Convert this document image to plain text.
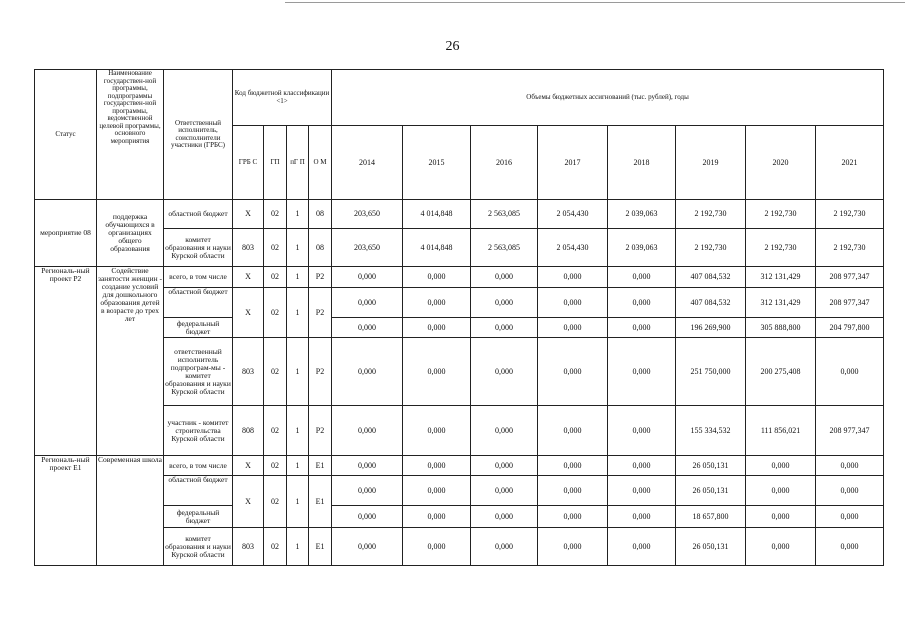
26
Статус	Наименование государствен-ной программы, подпрограммы государствен-ной программы, ведомственной целевой программы, основного мероприятия	Ответственный исполнитель, соисполнители участники (ГРБС)	Код бюджетной классификации <1>				Объемы бюджетных ассигнований (тыс. рублей), годы							
			ГРБ С	ГП	пГ П	О М	2014	2015	2016	2017	2018	2019	2020	2021
мероприятие 08	поддержка обучающихся в организациях общего образования	областной бюджет	Х	02	1	08	203,650	4 014,848	2 563,085	2 054,430	2 039,063	2 192,730	2 192,730	2 192,730
		комитет образования и науки Курской области	803	02	1	08	203,650	4 014,848	2 563,085	2 054,430	2 039,063	2 192,730	2 192,730	2 192,730
Региональ-ный проект Р2	Содействие занятости женщин - создание условий для дошкольного образования детей в возрасте до трех лет	всего, в том числе	Х	02	1	Р2	0,000	0,000	0,000	0,000	0,000	407 084,532	312 131,429	208 977,347
		областной бюджет	Х	02	1	Р2	0,000	0,000	0,000	0,000	0,000	407 084,532	312 131,429	208 977,347
		федеральный бюджет					0,000	0,000	0,000	0,000	0,000	196 269,900	305 888,800	204 797,800
		ответственный исполнитель подпрограм-мы - комитет образования и науки Курской области	803	02	1	Р2	0,000	0,000	0,000	0,000	0,000	251 750,000	200 275,408	0,000
		участник - комитет строительства Курской области	808	02	1	Р2	0,000	0,000	0,000	0,000	0,000	155 334,532	111 856,021	208 977,347

Региональ-ный проект Е1	Современная школа	всего, в том числе	Х	02	1	Е1	0,000	0,000	0,000	0,000	0,000	26 050,131	0,000	0,000
		областной бюджет	Х	02	1	Е1	0,000	0,000	0,000	0,000	0,000	26 050,131	0,000	0,000
		федеральный бюджет					0,000	0,000	0,000	0,000	0,000	18 657,800	0,000	0,000
		комитет образования и науки Курской области	803	02	1	Е1	0,000	0,000	0,000	0,000	0,000	26 050,131	0,000	0,000
